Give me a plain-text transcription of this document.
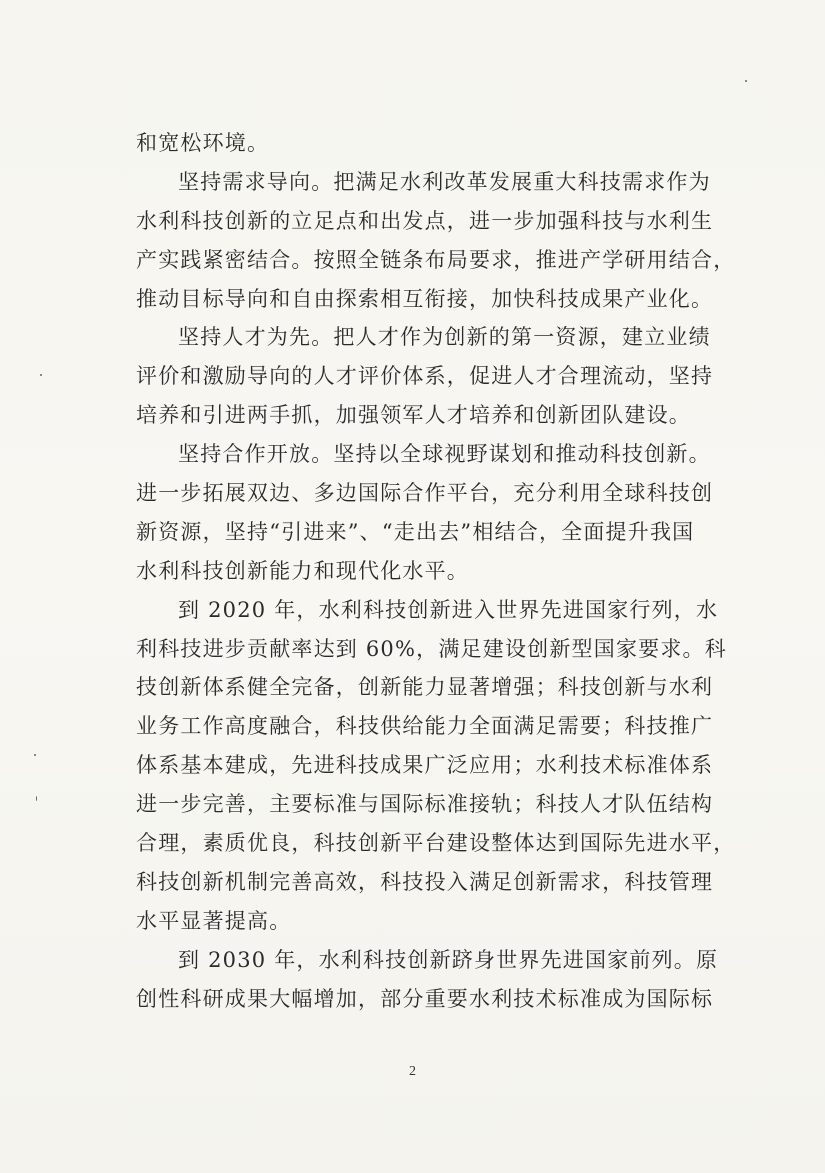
和宽松环境。
坚持需求导向。把满足水利改革发展重大科技需求作为
水利科技创新的立足点和出发点，进一步加强科技与水利生
产实践紧密结合。按照全链条布局要求，推进产学研用结合，
推动目标导向和自由探索相互衔接，加快科技成果产业化。
坚持人才为先。把人才作为创新的第一资源，建立业绩
评价和激励导向的人才评价体系，促进人才合理流动，坚持
培养和引进两手抓，加强领军人才培养和创新团队建设。
坚持合作开放。坚持以全球视野谋划和推动科技创新。
进一步拓展双边、多边国际合作平台，充分利用全球科技创
新资源，坚持“引进来”、“走出去”相结合，全面提升我国
水利科技创新能力和现代化水平。
到 2020 年，水利科技创新进入世界先进国家行列，水
利科技进步贡献率达到 60%，满足建设创新型国家要求。科
技创新体系健全完备，创新能力显著增强；科技创新与水利
业务工作高度融合，科技供给能力全面满足需要；科技推广
体系基本建成，先进科技成果广泛应用；水利技术标准体系
进一步完善，主要标准与国际标准接轨；科技人才队伍结构
合理，素质优良，科技创新平台建设整体达到国际先进水平，
科技创新机制完善高效，科技投入满足创新需求，科技管理
水平显著提高。
到 2030 年，水利科技创新跻身世界先进国家前列。原
创性科研成果大幅增加，部分重要水利技术标准成为国际标
2
